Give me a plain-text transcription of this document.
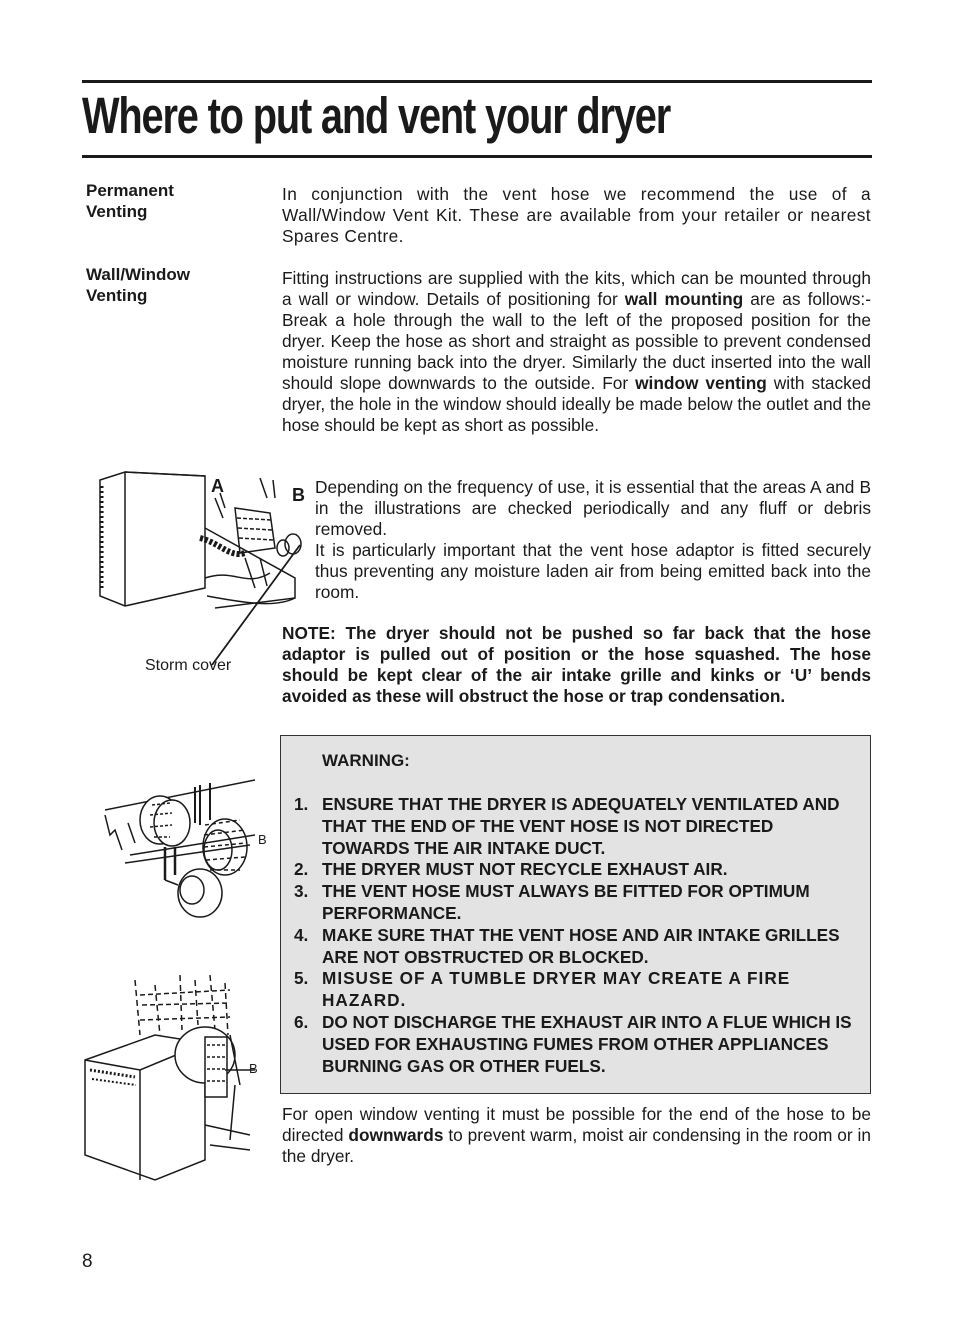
Where to put and vent your dryer

Permanent Venting

Wall/Window Venting

In conjunction with the vent hose we recommend the use of a Wall/Window Vent Kit. These are available from your retailer or nearest Spares Centre.

Fitting instructions are supplied with the kits, which can be mounted through a wall or window. Details of positioning for wall mounting are as follows:- Break a hole through the wall to the left of the proposed position for the dryer. Keep the hose as short and straight as possible to prevent condensed moisture running back into the dryer. Similarly the duct inserted into the wall should slope downwards to the outside. For window venting with stacked dryer, the hole in the window should ideally be made below the outlet and the hose should be kept as short as possible.

Depending on the frequency of use, it is essential that the areas A and B in the illustrations are checked periodically and any fluff or debris removed.

It is particularly important that the vent hose adaptor is fitted securely thus preventing any moisture laden air from being emitted back into the room.

NOTE: The dryer should not be pushed so far back that the hose adaptor is pulled out of position or the hose squashed. The hose should be kept clear of the air intake grille and kinks or ‘U’ bends avoided as these will obstruct the hose or trap condensation.

A	B
Storm cover
B
B
WARNING:
1. ENSURE THAT THE DRYER IS ADEQUATELY VENTILATED AND THAT THE END OF THE VENT HOSE IS NOT DIRECTED TOWARDS THE AIR INTAKE DUCT.
2. THE DRYER MUST NOT RECYCLE EXHAUST AIR.
3. THE VENT HOSE MUST ALWAYS BE FITTED FOR OPTIMUM PERFORMANCE.
4. MAKE SURE THAT THE VENT HOSE AND AIR INTAKE GRILLES ARE NOT OBSTRUCTED OR BLOCKED.
5. MISUSE OF A TUMBLE DRYER MAY CREATE A FIRE HAZARD.
6. DO NOT DISCHARGE THE EXHAUST AIR INTO A FLUE WHICH IS USED FOR EXHAUSTING FUMES FROM OTHER APPLIANCES BURNING GAS OR OTHER FUELS.

For open window venting it must be possible for the end of the hose to be directed downwards to prevent warm, moist air condensing in the room or in the dryer.

8
